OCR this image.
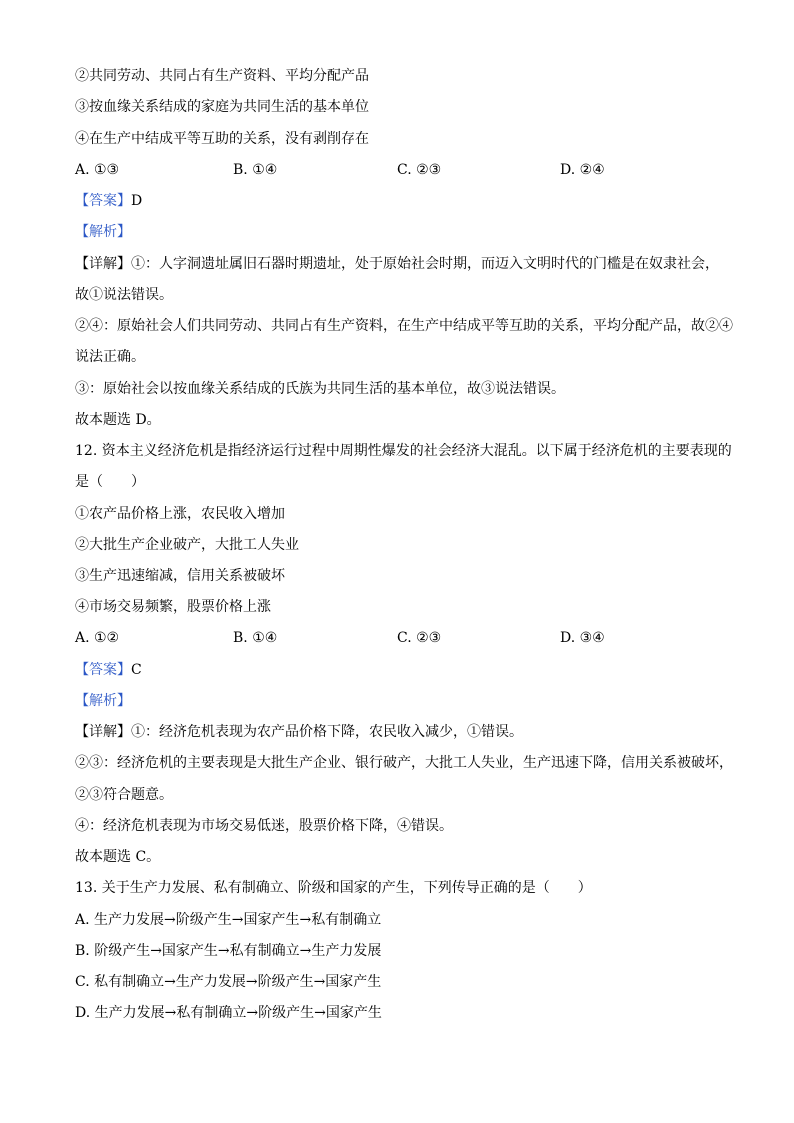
②共同劳动、共同占有生产资料、平均分配产品
③按血缘关系结成的家庭为共同生活的基本单位
④在生产中结成平等互助的关系，没有剥削存在
A. ①③	B. ①④	C. ②③	D. ②④
【答案】D
【解析】
【详解】①：人字洞遗址属旧石器时期遗址，处于原始社会时期，而迈入文明时代的门槛是在奴隶社会，
故①说法错误。
②④：原始社会人们共同劳动、共同占有生产资料，在生产中结成平等互助的关系，平均分配产品，故②④
说法正确。
③：原始社会以按血缘关系结成的氏族为共同生活的基本单位，故③说法错误。
故本题选 D。
12. 资本主义经济危机是指经济运行过程中周期性爆发的社会经济大混乱。以下属于经济危机的主要表现的
是（　　）
①农产品价格上涨，农民收入增加
②大批生产企业破产，大批工人失业
③生产迅速缩减，信用关系被破坏
④市场交易频繁，股票价格上涨
A. ①②	B. ①④	C. ②③	D. ③④
【答案】C
【解析】
【详解】①：经济危机表现为农产品价格下降，农民收入减少，①错误。
②③：经济危机的主要表现是大批生产企业、银行破产，大批工人失业，生产迅速下降，信用关系被破坏，
②③符合题意。
④：经济危机表现为市场交易低迷，股票价格下降，④错误。
故本题选 C。
13. 关于生产力发展、私有制确立、阶级和国家的产生，下列传导正确的是（　　）
A. 生产力发展→阶级产生→国家产生→私有制确立
B. 阶级产生→国家产生→私有制确立→生产力发展
C. 私有制确立→生产力发展→阶级产生→国家产生
D. 生产力发展→私有制确立→阶级产生→国家产生
